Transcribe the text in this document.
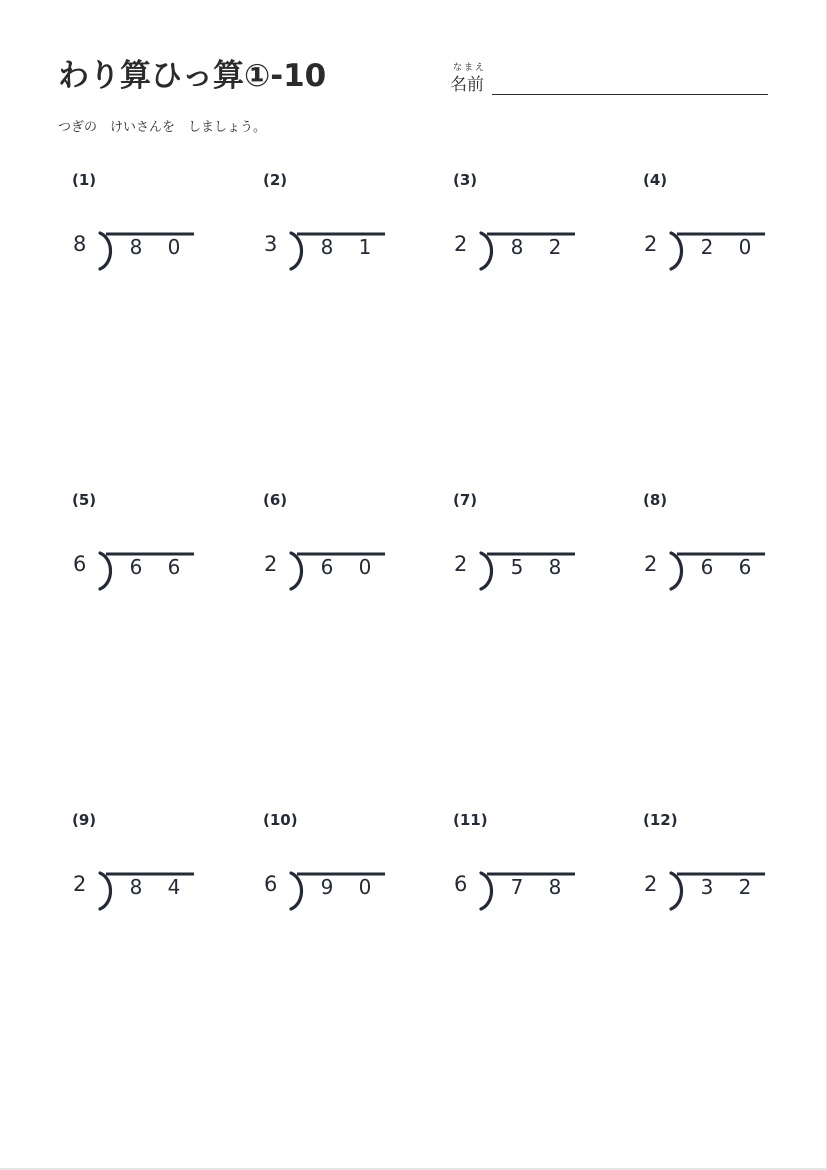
わり算ひっ算①-10	なまえ
名前
つぎの　けいさんを　しましょう。
(1)
8 8 0
(2)
3 8 1
(3)
2 8 2
(4)
2 2 0
(5)
6 6 6
(6)
2 6 0
(7)
2 5 8
(8)
2 6 6
(9)
2 8 4
(10)
6 9 0
(11)
6 7 8
(12)
2 3 2
